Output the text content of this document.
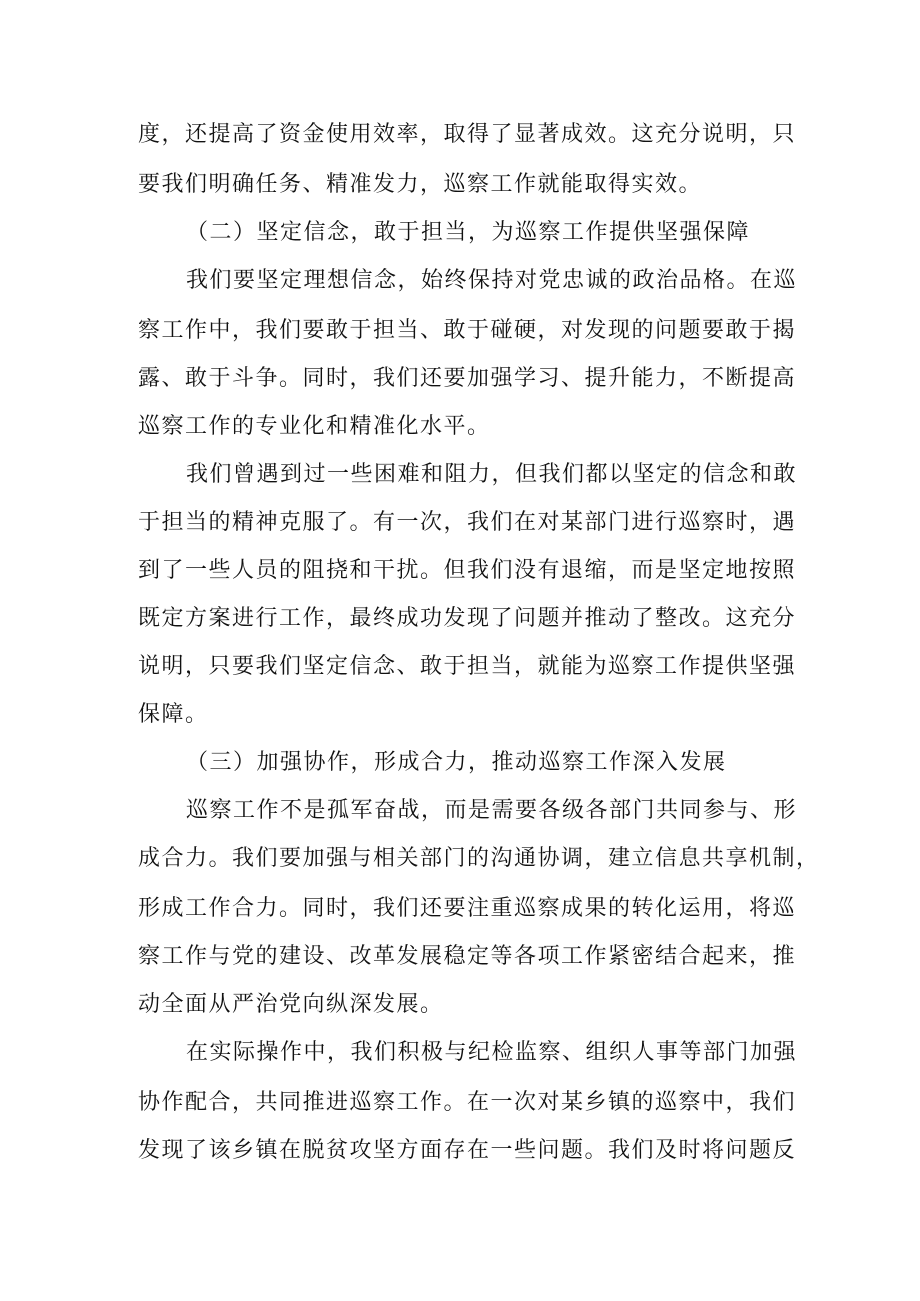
度，还提高了资金使用效率，取得了显著成效。这充分说明，只
要我们明确任务、精准发力，巡察工作就能取得实效。
（二）坚定信念，敢于担当，为巡察工作提供坚强保障
我们要坚定理想信念，始终保持对党忠诚的政治品格。在巡
察工作中，我们要敢于担当、敢于碰硬，对发现的问题要敢于揭
露、敢于斗争。同时，我们还要加强学习、提升能力，不断提高
巡察工作的专业化和精准化水平。
我们曾遇到过一些困难和阻力，但我们都以坚定的信念和敢
于担当的精神克服了。有一次，我们在对某部门进行巡察时，遇
到了一些人员的阻挠和干扰。但我们没有退缩，而是坚定地按照
既定方案进行工作，最终成功发现了问题并推动了整改。这充分
说明，只要我们坚定信念、敢于担当，就能为巡察工作提供坚强
保障。
（三）加强协作，形成合力，推动巡察工作深入发展
巡察工作不是孤军奋战，而是需要各级各部门共同参与、形
成合力。我们要加强与相关部门的沟通协调，建立信息共享机制，
形成工作合力。同时，我们还要注重巡察成果的转化运用，将巡
察工作与党的建设、改革发展稳定等各项工作紧密结合起来，推
动全面从严治党向纵深发展。
在实际操作中，我们积极与纪检监察、组织人事等部门加强
协作配合，共同推进巡察工作。在一次对某乡镇的巡察中，我们
发现了该乡镇在脱贫攻坚方面存在一些问题。我们及时将问题反
